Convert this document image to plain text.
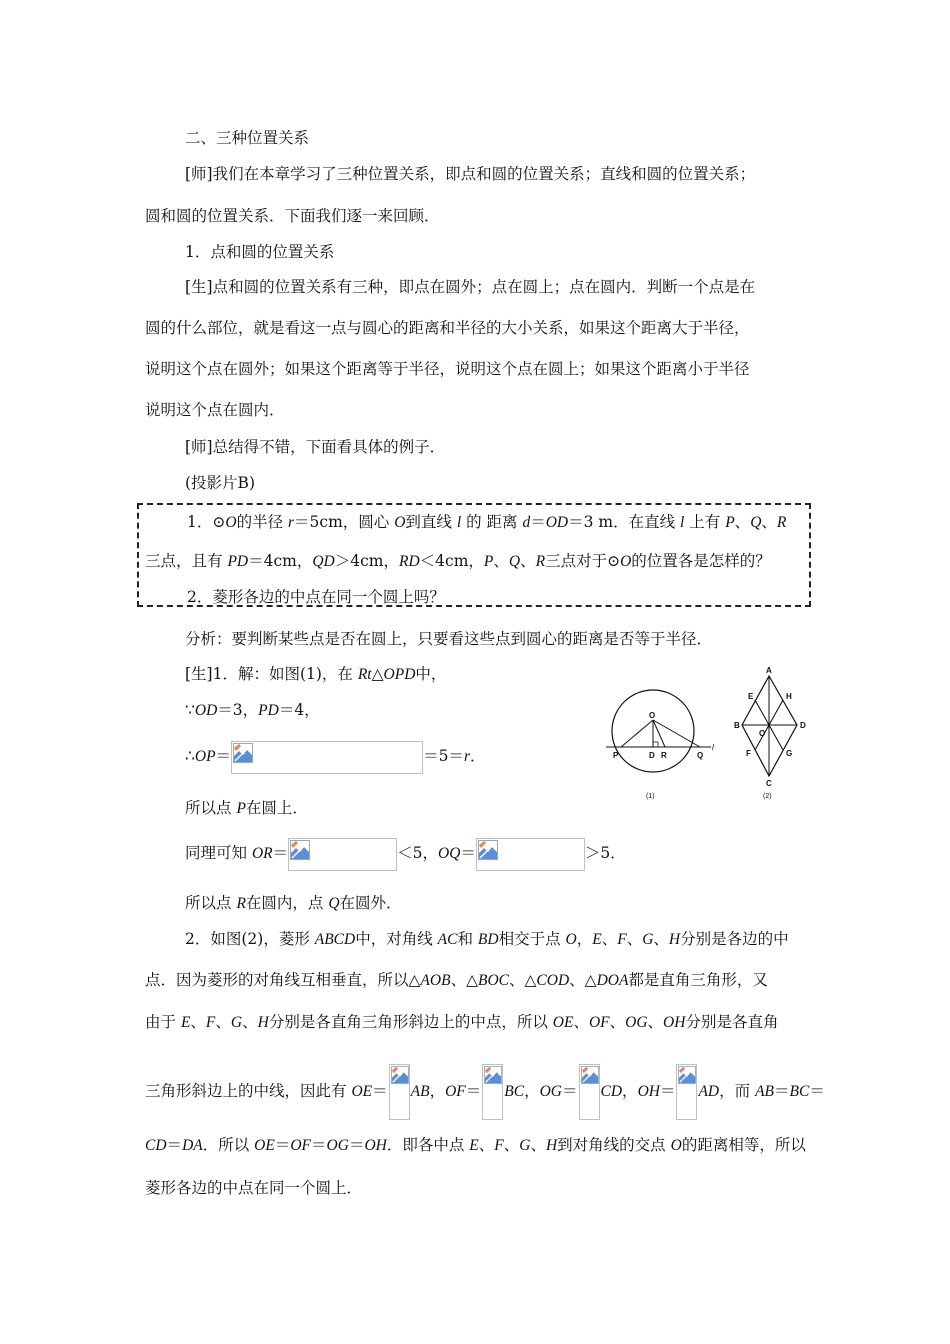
二、三种位置关系
[师]我们在本章学习了三种位置关系，即点和圆的位置关系；直线和圆的位置关系；
圆和圆的位置关系．下面我们逐一来回顾．
1．点和圆的位置关系
[生]点和圆的位置关系有三种，即点在圆外；点在圆上；点在圆内．判断一个点是在
圆的什么部位，就是看这一点与圆心的距离和半径的大小关系，如果这个距离大于半径，
说明这个点在圆外；如果这个距离等于半径，说明这个点在圆上；如果这个距离小于半径
说明这个点在圆内．
[师]总结得不错，下面看具体的例子．
(投影片B)
1．⊙O的半径 r＝5cm，圆心 O到直线 l 的 距离 d＝OD＝3 m．在直线 l 上有 P、Q、R
三点，且有 PD＝4cm，QD＞4cm，RD＜4cm，P、Q、R三点对于⊙O的位置各是怎样的？
2．菱形各边的中点在同一个圆上吗？
分析：要判断某些点是否在圆上，只要看这些点到圆心的距离是否等于半径．
[生]1．解：如图(1)，在 Rt△OPD中，
∵OD＝3，PD＝4，
∴OP＝	＝5＝r．
所以点 P在圆上．
同理可知 OR＝	＜5，OQ＝	＞5．
所以点 R在圆内，点 Q在圆外．
2．如图(2)，菱形 ABCD中，对角线 AC和 BD相交于点 O，E、F、G、H分别是各边的中
点．因为菱形的对角线互相垂直，所以△AOB、△BOC、△COD、△DOA都是直角三角形，又
由于 E、F、G、H分别是各直角三角形斜边上的中点，所以 OE、OF、OG、OH分别是各直角
三角形斜边上的中线，因此有 OE＝ AB，OF＝ BC，OG＝ CD，OH＝ AD，而 AB＝BC＝
CD＝DA．所以 OE＝OF＝OG＝OH．即各中点 E、F、G、H到对角线的交点 O的距离相等，所以
菱形各边的中点在同一个圆上．
O
P	D R	Q
l
(1)
A
B
C
D
E	H
F	G
O
(2)
